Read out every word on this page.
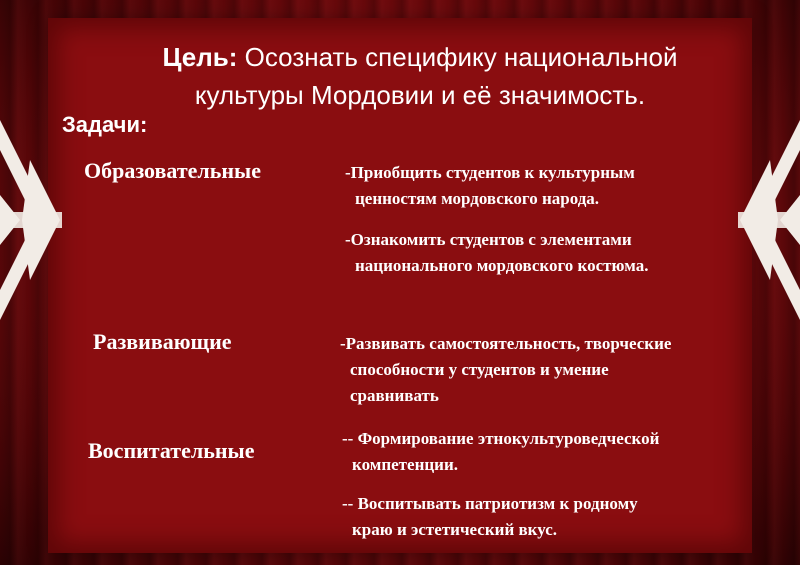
Цель: Осознать специфику национальной
культуры Мордовии и её значимость.
Задачи:
Образовательные	-Приобщить студентов к культурным
ценностям мордовского народа.
-Ознакомить студентов с элементами
национального мордовского костюма.
Развивающие	-Развивать самостоятельность, творческие
способности у студентов и умение
сравнивать
Воспитательные	-- Формирование этнокультуроведческой
компетенции.
-- Воспитывать патриотизм к родному
краю и эстетический вкус.
